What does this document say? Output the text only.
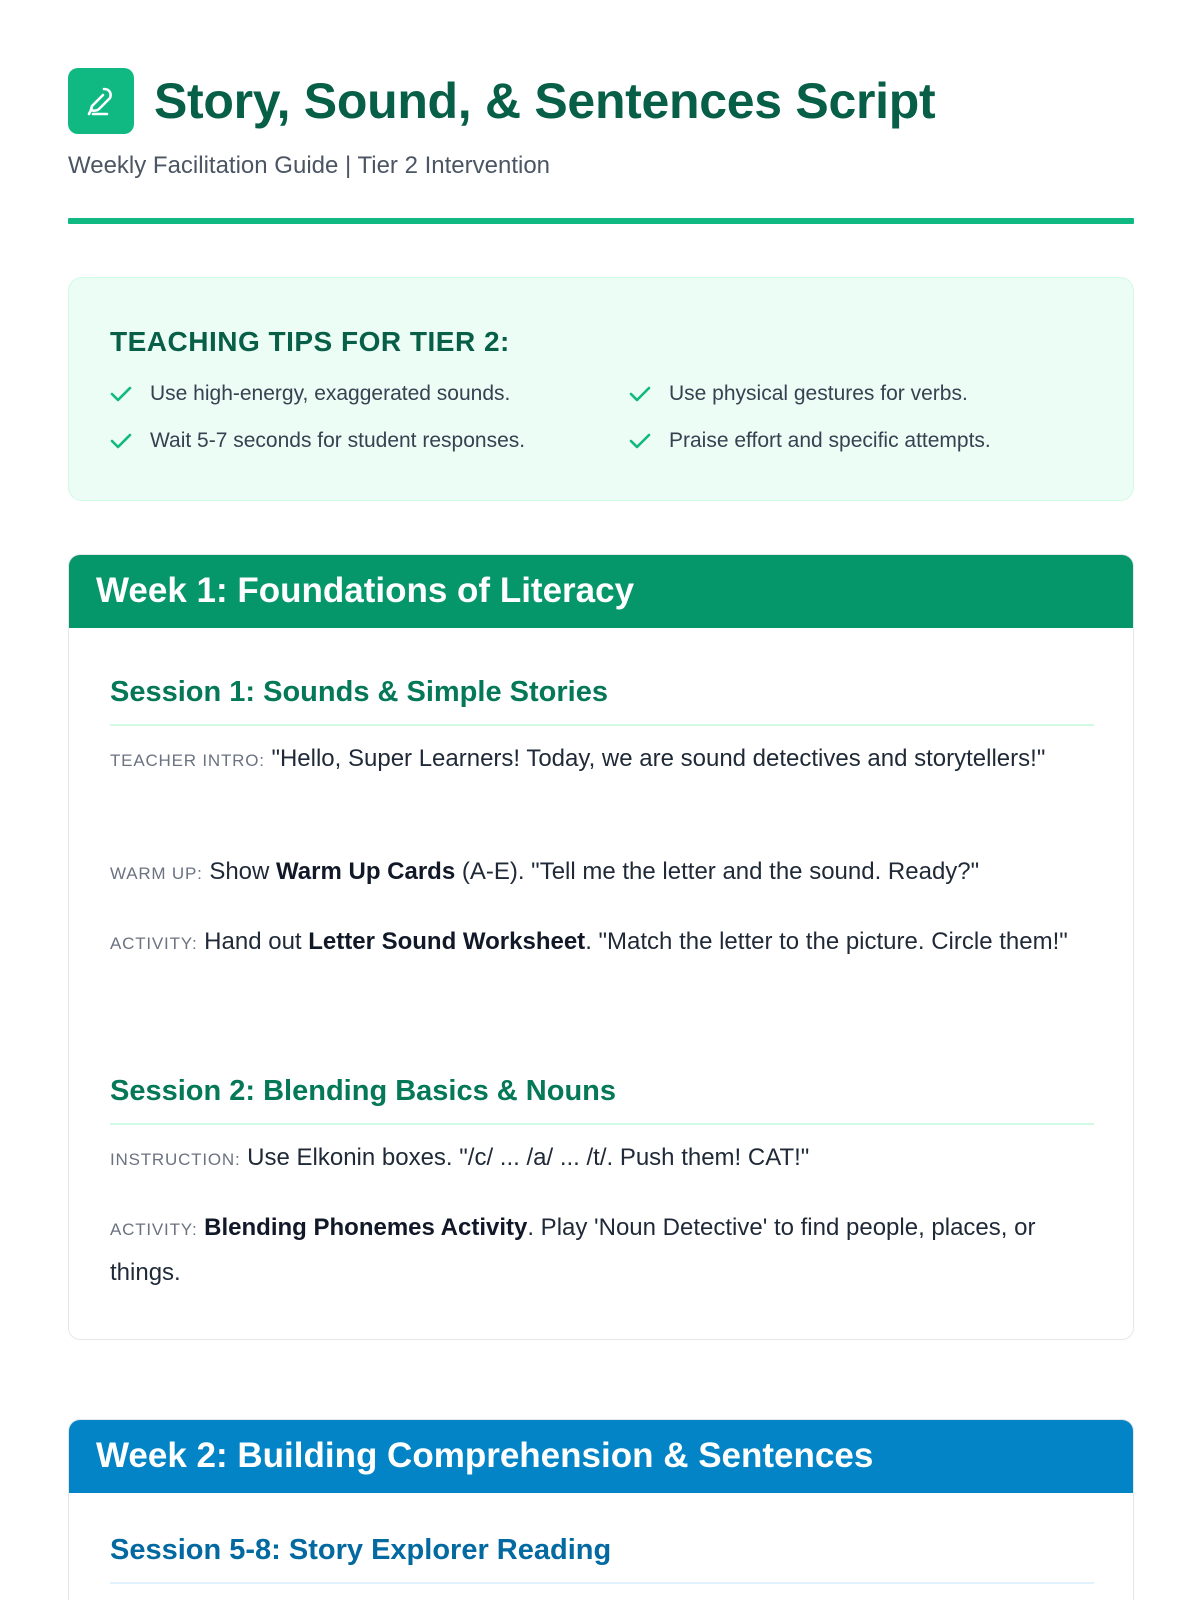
Story, Sound, & Sentences Script
Weekly Facilitation Guide | Tier 2 Intervention
TEACHING TIPS FOR TIER 2:
Use high-energy, exaggerated sounds.	Use physical gestures for verbs.
Wait 5-7 seconds for student responses.	Praise effort and specific attempts.
Week 1: Foundations of Literacy
Session 1: Sounds & Simple Stories
TEACHER INTRO: "Hello, Super Learners! Today, we are sound detectives and storytellers!"
WARM UP: Show Warm Up Cards (A-E). "Tell me the letter and the sound. Ready?"
ACTIVITY: Hand out Letter Sound Worksheet. "Match the letter to the picture. Circle them!"
Session 2: Blending Basics & Nouns
INSTRUCTION: Use Elkonin boxes. "/c/ ... /a/ ... /t/. Push them! CAT!"
ACTIVITY: Blending Phonemes Activity. Play 'Noun Detective' to find people, places, or things.
Week 2: Building Comprehension & Sentences
Session 5-8: Story Explorer Reading
